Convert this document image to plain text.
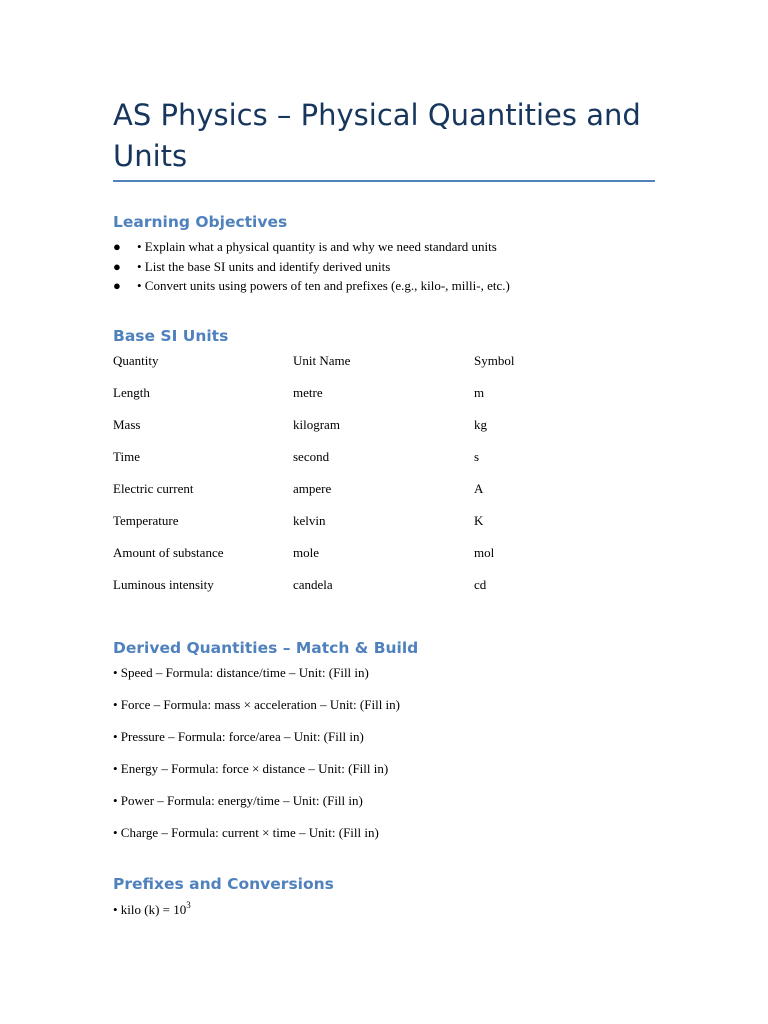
AS Physics – Physical Quantities and Units
Learning Objectives
● • Explain what a physical quantity is and why we need standard units
● • List the base SI units and identify derived units
● • Convert units using powers of ten and prefixes (e.g., kilo-, milli-, etc.)
Base SI Units
Quantity	Unit Name	Symbol
Length	metre	m
Mass	kilogram	kg
Time	second	s
Electric current	ampere	A
Temperature	kelvin	K
Amount of substance	mole	mol
Luminous intensity	candela	cd
Derived Quantities – Match & Build
• Speed – Formula: distance/time – Unit: (Fill in)
• Force – Formula: mass × acceleration – Unit: (Fill in)
• Pressure – Formula: force/area – Unit: (Fill in)
• Energy – Formula: force × distance – Unit: (Fill in)
• Power – Formula: energy/time – Unit: (Fill in)
• Charge – Formula: current × time – Unit: (Fill in)
Prefixes and Conversions
• kilo $(k) = 10^3$
